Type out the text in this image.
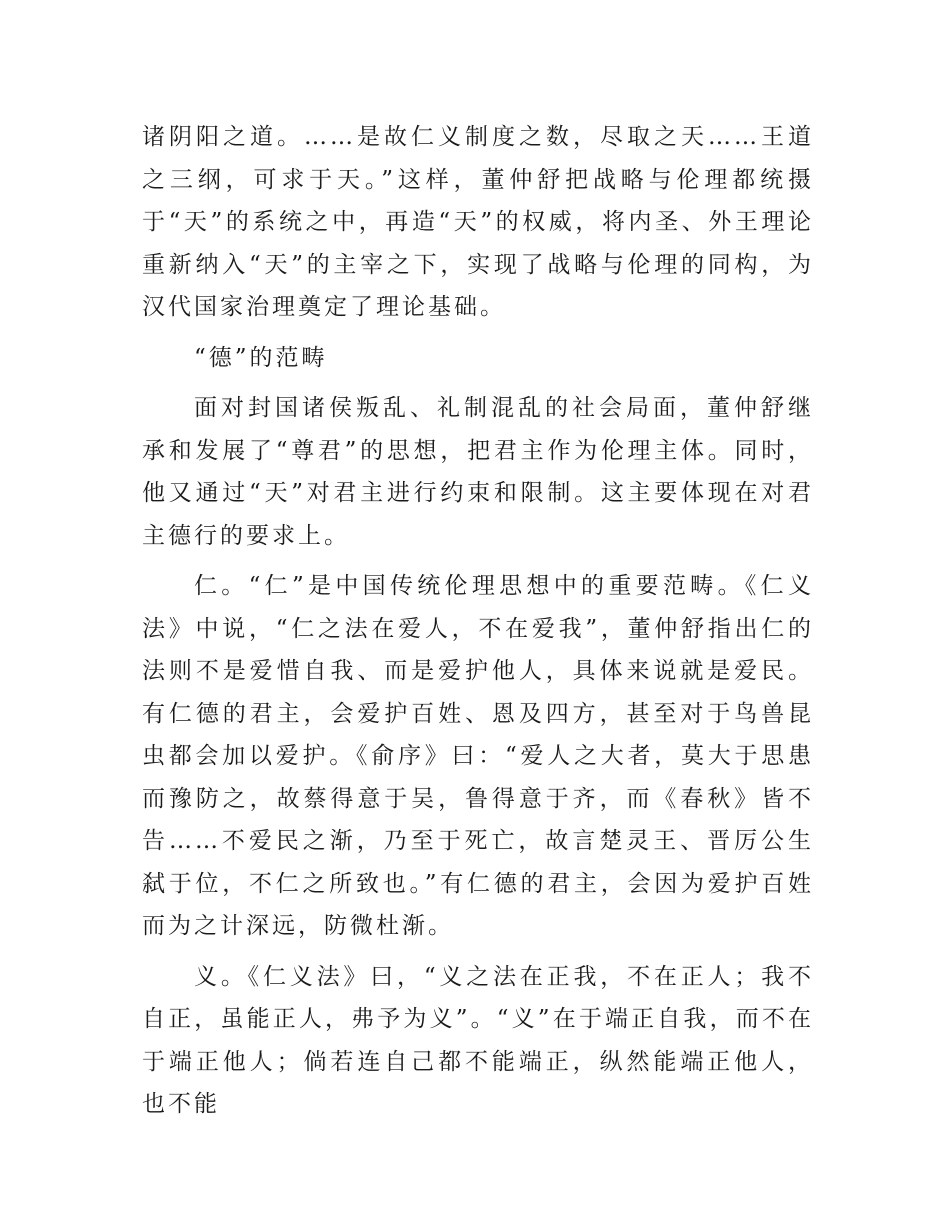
诸阴阳之道。……是故仁义制度之数，尽取之天……王道之三纲，可求于天。”这样，董仲舒把战略与伦理都统摄于“天”的系统之中，再造“天”的权威，将内圣、外王理论重新纳入“天”的主宰之下，实现了战略与伦理的同构，为汉代国家治理奠定了理论基础。

“德”的范畴

面对封国诸侯叛乱、礼制混乱的社会局面，董仲舒继承和发展了“尊君”的思想，把君主作为伦理主体。同时，他又通过“天”对君主进行约束和限制。这主要体现在对君主德行的要求上。

仁。“仁”是中国传统伦理思想中的重要范畴。《仁义法》中说，“仁之法在爱人，不在爱我”，董仲舒指出仁的法则不是爱惜自我、而是爱护他人，具体来说就是爱民。有仁德的君主，会爱护百姓、恩及四方，甚至对于鸟兽昆虫都会加以爱护。《俞序》曰：“爱人之大者，莫大于思患而豫防之，故蔡得意于吴，鲁得意于齐，而《春秋》皆不告……不爱民之渐，乃至于死亡，故言楚灵王、晋厉公生弑于位，不仁之所致也。”有仁德的君主，会因为爱护百姓而为之计深远，防微杜渐。

义。《仁义法》曰，“义之法在正我，不在正人；我不自正，虽能正人，弗予为义”。“义”在于端正自我，而不在于端正他人；倘若连自己都不能端正，纵然能端正他人，也不能
